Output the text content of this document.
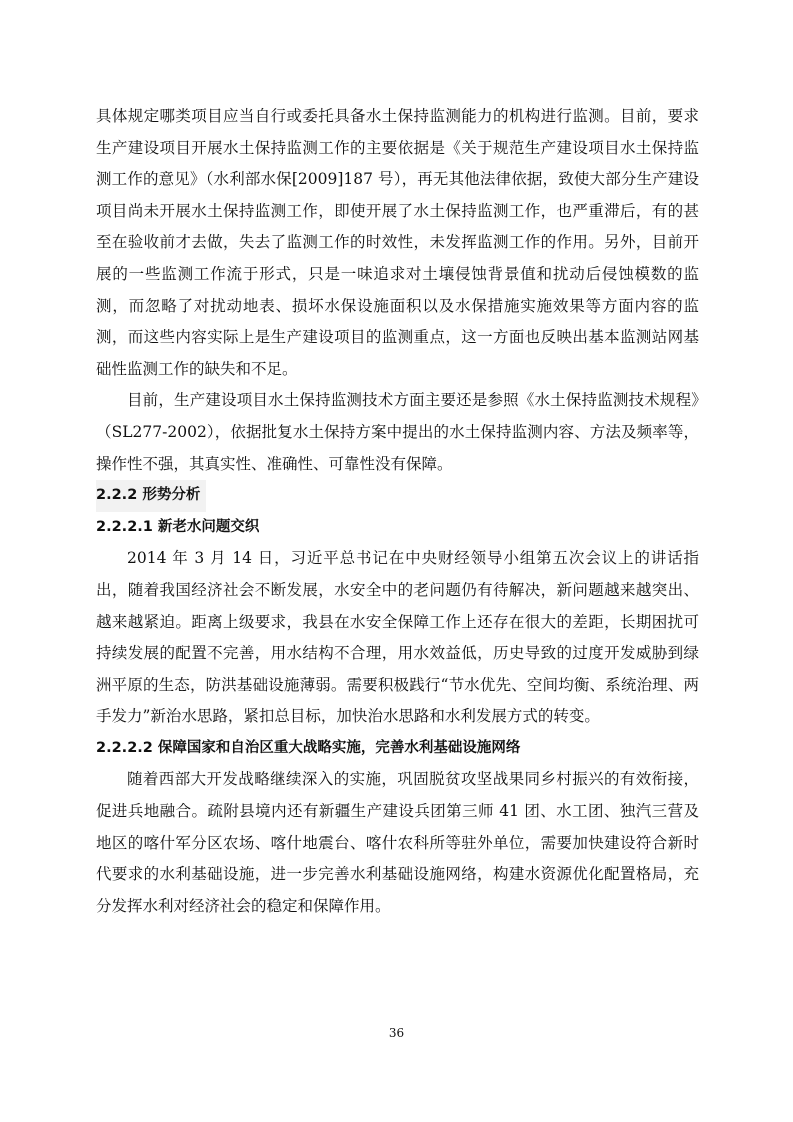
具体规定哪类项目应当自行或委托具备水土保持监测能力的机构进行监测。目前，要求生产建设项目开展水土保持监测工作的主要依据是《关于规范生产建设项目水土保持监测工作的意见》（水利部水保[2009]187 号），再无其他法律依据，致使大部分生产建设项目尚未开展水土保持监测工作，即使开展了水土保持监测工作，也严重滞后，有的甚至在验收前才去做，失去了监测工作的时效性，未发挥监测工作的作用。另外，目前开展的一些监测工作流于形式，只是一味追求对土壤侵蚀背景值和扰动后侵蚀模数的监测，而忽略了对扰动地表、损坏水保设施面积以及水保措施实施效果等方面内容的监测，而这些内容实际上是生产建设项目的监测重点，这一方面也反映出基本监测站网基础性监测工作的缺失和不足。

目前，生产建设项目水土保持监测技术方面主要还是参照《水土保持监测技术规程》（SL277-2002），依据批复水土保持方案中提出的水土保持监测内容、方法及频率等，操作性不强，其真实性、准确性、可靠性没有保障。

2.2.2 形势分析

2.2.2.1 新老水问题交织

2014 年 3 月 14 日，习近平总书记在中央财经领导小组第五次会议上的讲话指出，随着我国经济社会不断发展，水安全中的老问题仍有待解决，新问题越来越突出、越来越紧迫。距离上级要求，我县在水安全保障工作上还存在很大的差距，长期困扰可持续发展的配置不完善，用水结构不合理，用水效益低，历史导致的过度开发威胁到绿洲平原的生态，防洪基础设施薄弱。需要积极践行“节水优先、空间均衡、系统治理、两手发力”新治水思路，紧扣总目标，加快治水思路和水利发展方式的转变。

2.2.2.2 保障国家和自治区重大战略实施，完善水利基础设施网络

随着西部大开发战略继续深入的实施，巩固脱贫攻坚战果同乡村振兴的有效衔接，促进兵地融合。疏附县境内还有新疆生产建设兵团第三师 41 团、水工团、独汽三营及地区的喀什军分区农场、喀什地震台、喀什农科所等驻外单位，需要加快建设符合新时代要求的水利基础设施，进一步完善水利基础设施网络，构建水资源优化配置格局，充分发挥水利对经济社会的稳定和保障作用。

36
